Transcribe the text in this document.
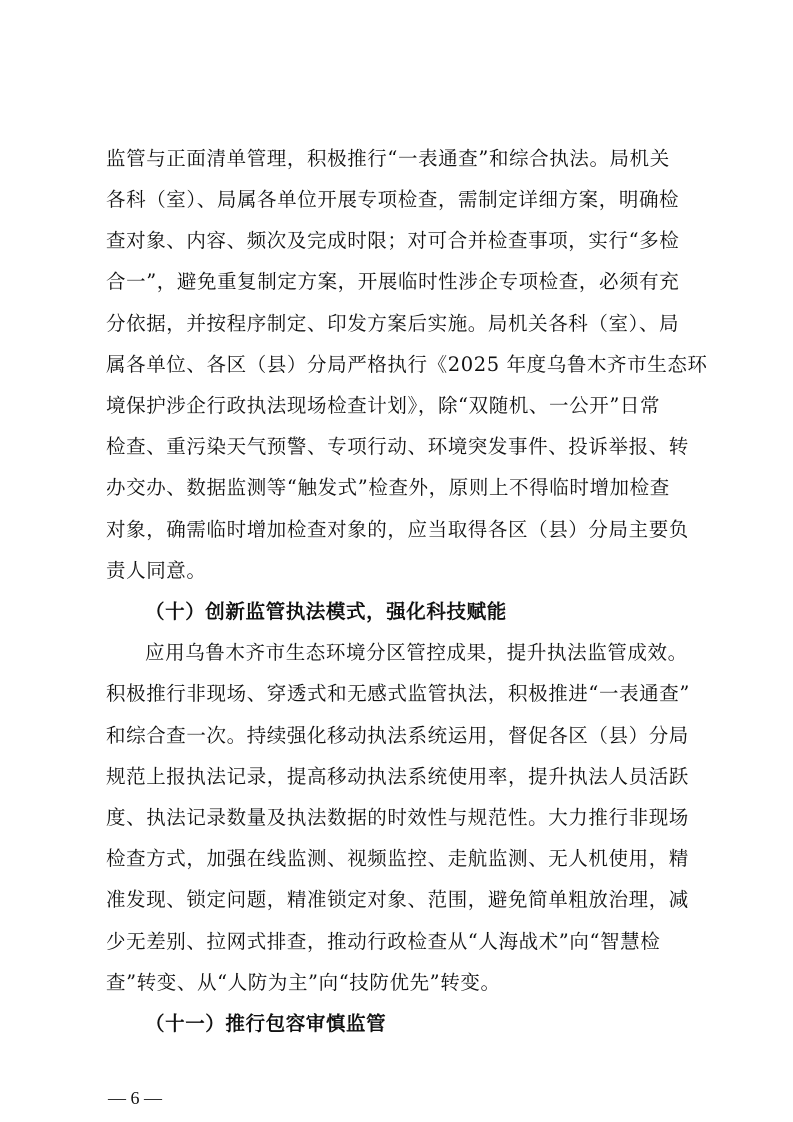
监管与正面清单管理，积极推行“一表通查”和综合执法。局机关
各科（室）、局属各单位开展专项检查，需制定详细方案，明确检
查对象、内容、频次及完成时限；对可合并检查事项，实行“多检
合一”，避免重复制定方案，开展临时性涉企专项检查，必须有充
分依据，并按程序制定、印发方案后实施。局机关各科（室）、局
属各单位、各区（县）分局严格执行《2025 年度乌鲁木齐市生态环
境保护涉企行政执法现场检查计划》，除“双随机、一公开”日常
检查、重污染天气预警、专项行动、环境突发事件、投诉举报、转
办交办、数据监测等“触发式”检查外，原则上不得临时增加检查
对象，确需临时增加检查对象的，应当取得各区（县）分局主要负
责人同意。
（十）创新监管执法模式，强化科技赋能
应用乌鲁木齐市生态环境分区管控成果，提升执法监管成效。
积极推行非现场、穿透式和无感式监管执法，积极推进“一表通查”
和综合查一次。持续强化移动执法系统运用，督促各区（县）分局
规范上报执法记录，提高移动执法系统使用率，提升执法人员活跃
度、执法记录数量及执法数据的时效性与规范性。大力推行非现场
检查方式，加强在线监测、视频监控、走航监测、无人机使用，精
准发现、锁定问题，精准锁定对象、范围，避免简单粗放治理，减
少无差别、拉网式排查，推动行政检查从“人海战术”向“智慧检
查”转变、从“人防为主”向“技防优先”转变。
（十一）推行包容审慎监管
— 6 —
